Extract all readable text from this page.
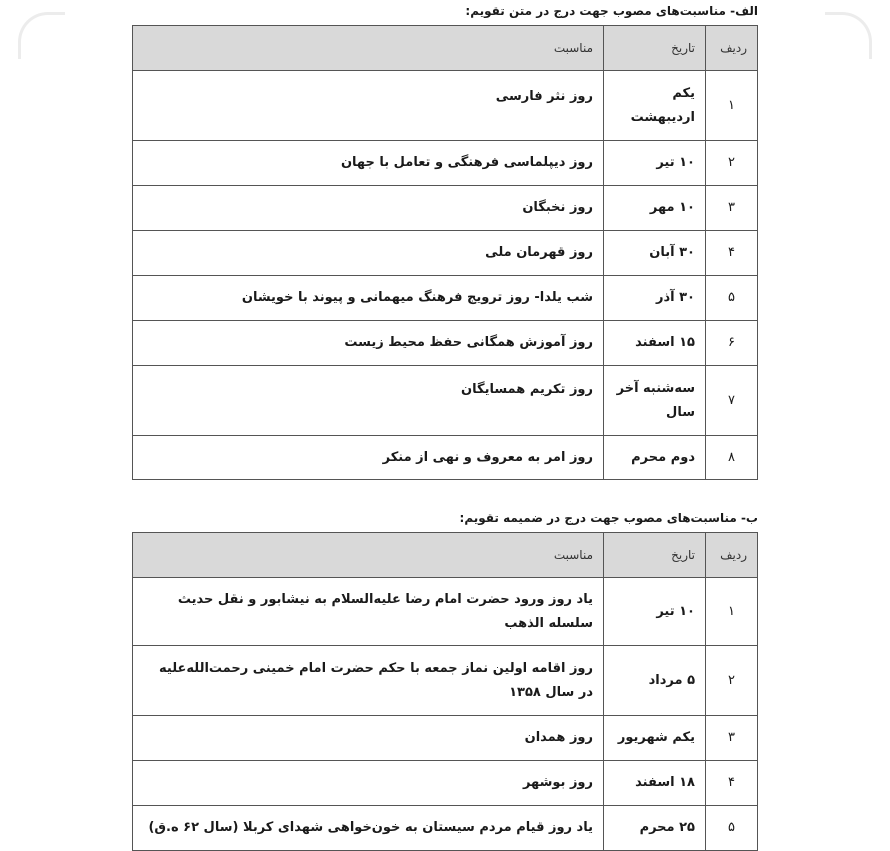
الف- مناسبت‌های مصوب جهت درج در متن تقویم:
ردیف	تاریخ	مناسبت
۱	یکم اردیبهشت	روز نثر فارسی
۲	۱۰ تیر	روز دیپلماسی فرهنگی و تعامل با جهان
۳	۱۰ مهر	روز نخبگان
۴	۳۰ آبان	روز قهرمان ملی
۵	۳۰ آذر	شب یلدا- روز ترویج فرهنگ میهمانی و پیوند با خویشان
۶	۱۵ اسفند	روز آموزش همگانی حفظ محیط زیست
۷	سه‌شنبه آخر سال	روز تکریم همسایگان
۸	دوم محرم	روز امر به معروف و نهی از منکر
ب- مناسبت‌های مصوب جهت درج در ضمیمه تقویم:
ردیف	تاریخ	مناسبت
۱	۱۰ تیر	یاد روز ورود حضرت امام رضا علیه‌السلام به نیشابور و نقل حدیث سلسله الذهب
۲	۵ مرداد	روز اقامه اولین نماز جمعه با حکم حضرت امام خمینی رحمت‌الله‌علیه در سال ۱۳۵۸
۳	یکم شهریور	روز همدان
۴	۱۸ اسفند	روز بوشهر
۵	۲۵ محرم	یاد روز قیام مردم سیستان به خون‌خواهی شهدای کربلا (سال ۶۲ ه.ق)
